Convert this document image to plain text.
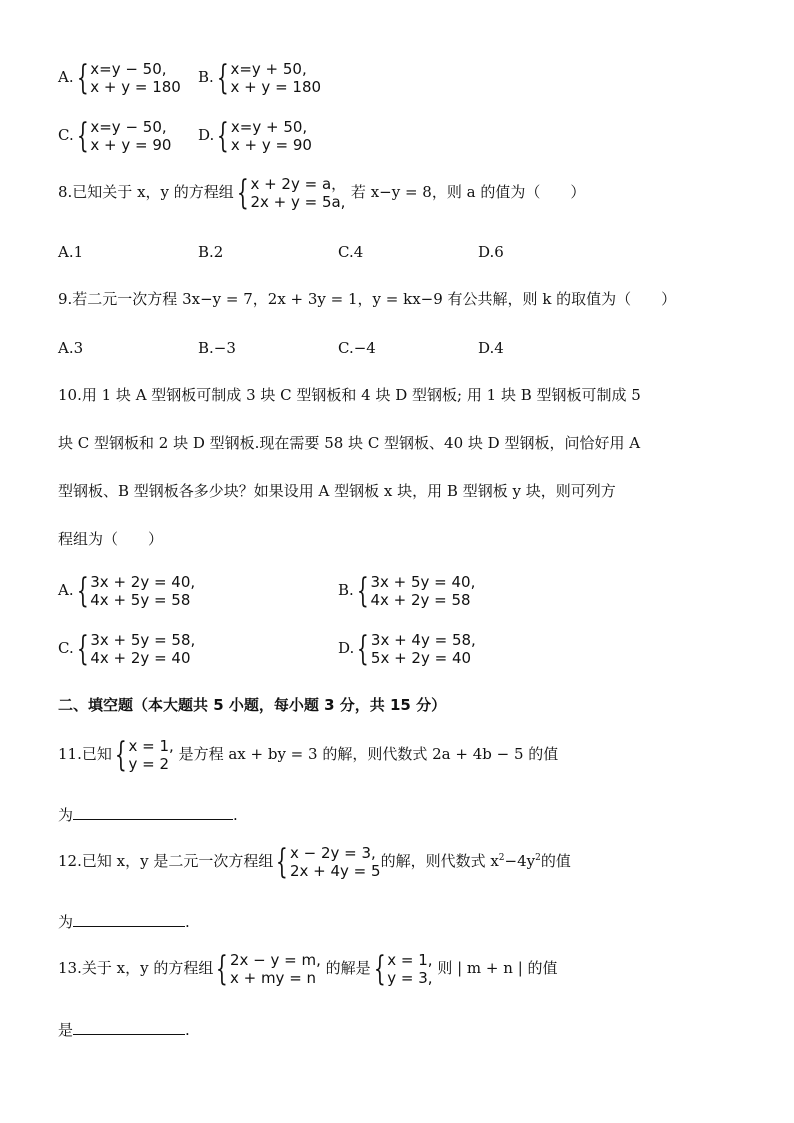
A. { x=y − 50,
x + y = 180
B. { x=y + 50,
x + y = 180
C. { x=y − 50,
x + y = 90
D. { x=y + 50,
x + y = 90
8.已知关于 x，y 的方程组 { x + 2y = a，
2x + y = 5a,
若 x−y = 8，则 a 的值为（　　）
A.1	B.2	C.4	D.6
9.若二元一次方程 3x−y = 7，2x + 3y = 1，y = kx−9 有公共解，则 k 的取值为（　　）
A.3	B.−3	C.−4	D.4
10.用 1 块 A 型钢板可制成 3 块 C 型钢板和 4 块 D 型钢板; 用 1 块 B 型钢板可制成 5
块 C 型钢板和 2 块 D 型钢板.现在需要 58 块 C 型钢板、40 块 D 型钢板，问恰好用 A
型钢板、B 型钢板各多少块？如果设用 A 型钢板 x 块，用 B 型钢板 y 块，则可列方
程组为（　　）
A. { 3x + 2y = 40,
4x + 5y = 58
B. { 3x + 5y = 40,
4x + 2y = 58
C. { 3x + 5y = 58,
4x + 2y = 40
D. { 3x + 4y = 58,
5x + 2y = 40
二、填空题（本大题共 5 小题，每小题 3 分，共 15 分）
11.已知 { x = 1,
y = 2
是方程 ax + by = 3 的解，则代数式 2a + 4b − 5 的值
为	.
12.已知 x，y 是二元一次方程组 { x − 2y = 3,
2x + 4y = 5
的解，则代数式 $x^2-4y^2$的值
为	.
13.关于 x，y 的方程组 { 2x − y = m,
x + my = n
的解是 { x = 1,
y = 3,
则 | m + n | 的值
是	.
